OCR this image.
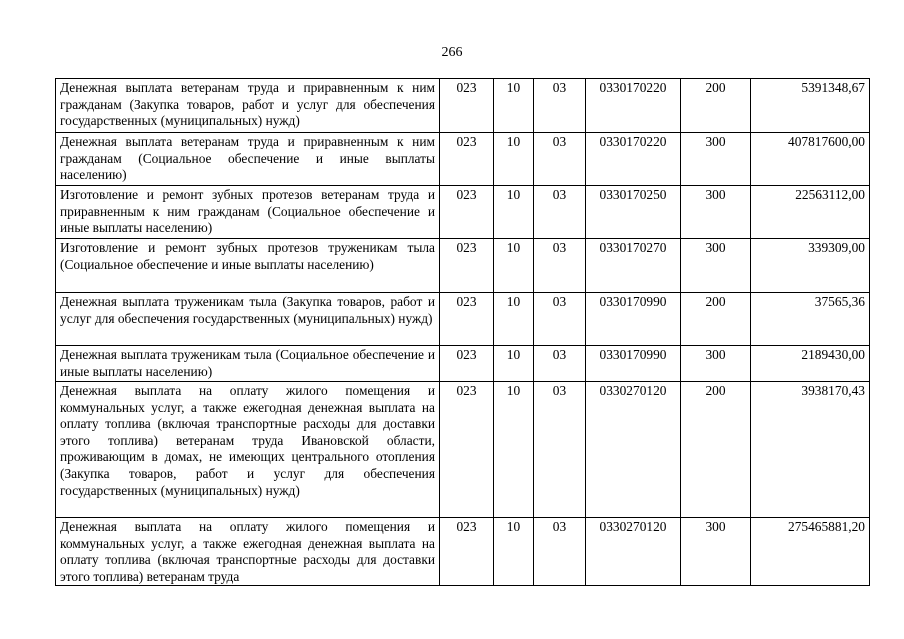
266
Денежная выплата ветеранам труда и приравненным к ним гражданам (Закупка товаров, работ и услуг для обеспечения государственных (муниципальных) нужд)	023	10	03	0330170220	200	5391348,67
Денежная выплата ветеранам труда и приравненным к ним гражданам (Социальное обеспечение и иные выплаты населению)	023	10	03	0330170220	300	407817600,00
Изготовление и ремонт зубных протезов ветеранам труда и приравненным к ним гражданам (Социальное обеспечение и иные выплаты населению)	023	10	03	0330170250	300	22563112,00
Изготовление и ремонт зубных протезов труженикам тыла (Социальное обеспечение и иные выплаты населению)	023	10	03	0330170270	300	339309,00
Денежная выплата труженикам тыла (Закупка товаров, работ и услуг для обеспечения государственных (муниципальных) нужд)	023	10	03	0330170990	200	37565,36
Денежная выплата труженикам тыла (Социальное обеспечение и иные выплаты населению)	023	10	03	0330170990	300	2189430,00
Денежная выплата на оплату жилого помещения и коммунальных услуг, а также ежегодная денежная выплата на оплату топлива (включая транспортные расходы для доставки этого топлива) ветеранам труда Ивановской области, проживающим в домах, не имеющих центрального отопления (Закупка товаров, работ и услуг для обеспечения государственных (муниципальных) нужд)	023	10	03	0330270120	200	3938170,43
Денежная выплата на оплату жилого помещения и коммунальных услуг, а также ежегодная денежная выплата на оплату топлива (включая транспортные расходы для доставки этого топлива) ветеранам труда	023	10	03	0330270120	300	275465881,20
